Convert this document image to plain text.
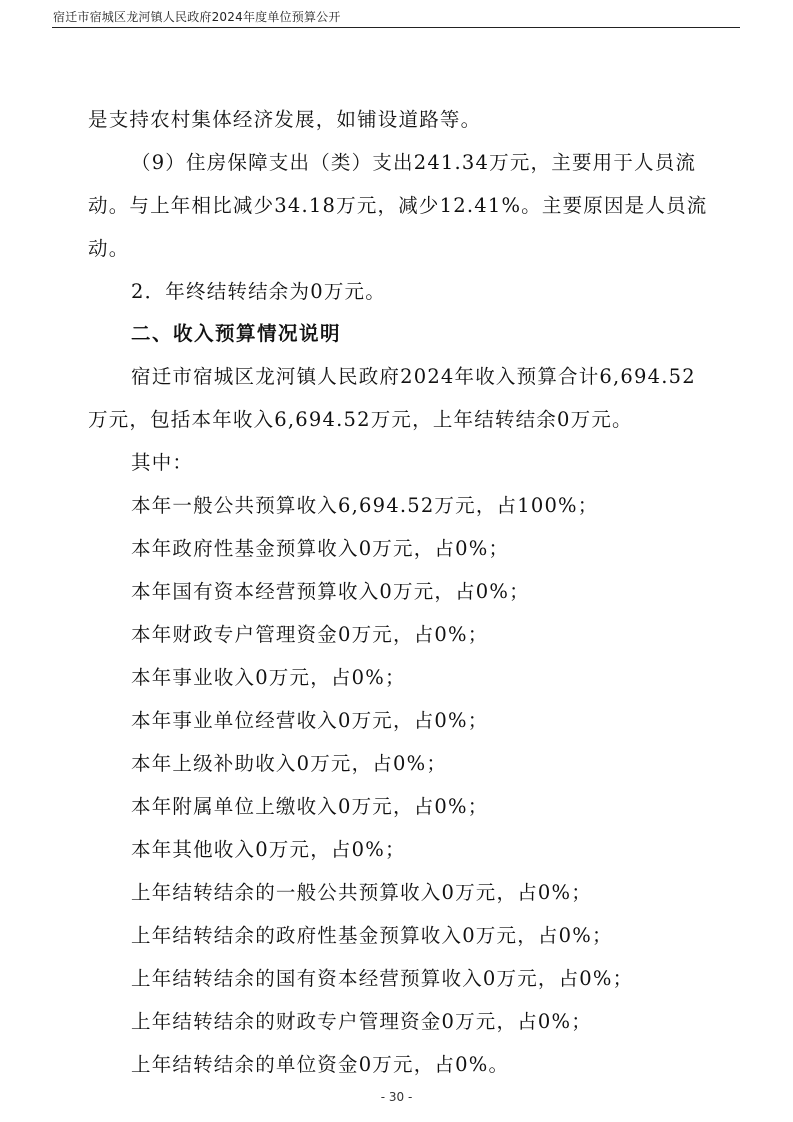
宿迁市宿城区龙河镇人民政府2024年度单位预算公开
是支持农村集体经济发展，如铺设道路等。
（9）住房保障支出（类）支出241.34万元，主要用于人员流
动。与上年相比减少34.18万元，减少12.41%。主要原因是人员流
动。
2．年终结转结余为0万元。
二、收入预算情况说明
宿迁市宿城区龙河镇人民政府2024年收入预算合计6,694.52
万元，包括本年收入6,694.52万元，上年结转结余0万元。
其中：
本年一般公共预算收入6,694.52万元，占100%；
本年政府性基金预算收入0万元，占0%；
本年国有资本经营预算收入0万元，占0%；
本年财政专户管理资金0万元，占0%；
本年事业收入0万元，占0%；
本年事业单位经营收入0万元，占0%；
本年上级补助收入0万元，占0%；
本年附属单位上缴收入0万元，占0%；
本年其他收入0万元，占0%；
上年结转结余的一般公共预算收入0万元，占0%；
上年结转结余的政府性基金预算收入0万元，占0%；
上年结转结余的国有资本经营预算收入0万元，占0%；
上年结转结余的财政专户管理资金0万元，占0%；
上年结转结余的单位资金0万元，占0%。
- 30 -
